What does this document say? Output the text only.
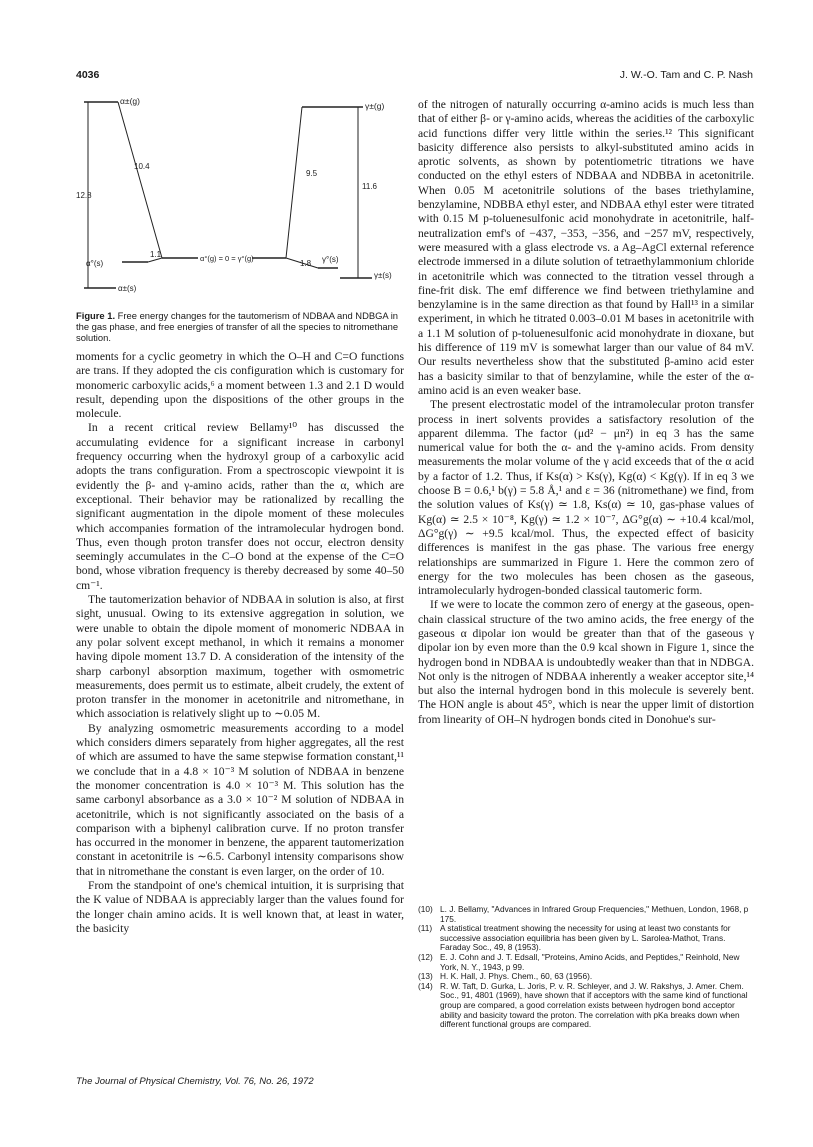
4036	J. W.-O. Tam and C. P. Nash
α±(g)	γ±(g)
α°(s)
α±(s)
γ°(s)
γ±(s)
α°(g) = 0 = γ°(g)
10.4
12.8
1.1
9.5
11.6
1.8
Figure 1. Free energy changes for the tautomerism of NDBAA and NDBGA in the gas phase, and free energies of transfer of all the species to nitromethane solution.

moments for a cyclic geometry in which the O–H and C=O functions are trans. If they adopted the cis configuration which is customary for monomeric carboxylic acids,⁶ a moment between 1.3 and 2.1 D would result, depending upon the dispositions of the other groups in the molecule.

In a recent critical review Bellamy¹⁰ has discussed the accumulating evidence for a significant increase in carbonyl frequency occurring when the hydroxyl group of a carboxylic acid adopts the trans configuration. From a spectroscopic viewpoint it is evidently the β- and γ-amino acids, rather than the α, which are exceptional. Their behavior may be rationalized by recalling the significant augmentation in the dipole moment of these molecules which accompanies formation of the intramolecular hydrogen bond. Thus, even though proton transfer does not occur, electron density seemingly accumulates in the C–O bond at the expense of the C=O bond, whose vibration frequency is thereby decreased by some 40–50 cm⁻¹.

The tautomerization behavior of NDBAA in solution is also, at first sight, unusual. Owing to its extensive aggregation in solution, we were unable to obtain the dipole moment of monomeric NDBAA in any polar solvent except methanol, in which it remains a monomer having dipole moment 13.7 D. A consideration of the intensity of the sharp carbonyl absorption maximum, together with osmometric measurements, does permit us to estimate, albeit crudely, the extent of proton transfer in the monomer in acetonitrile and nitromethane, in which association is relatively slight up to ∼0.05 M.

By analyzing osmometric measurements according to a model which considers dimers separately from higher aggregates, all the rest of which are assumed to have the same stepwise formation constant,¹¹ we conclude that in a 4.8 × 10⁻³ M solution of NDBAA in benzene the monomer concentration is 4.0 × 10⁻³ M. This solution has the same carbonyl absorbance as a 3.0 × 10⁻² M solution of NDBAA in acetonitrile, which is not significantly associated on the basis of a comparison with a biphenyl calibration curve. If no proton transfer has occurred in the monomer in benzene, the apparent tautomerization constant in acetonitrile is ∼6.5. Carbonyl intensity comparisons show that in nitromethane the constant is even larger, on the order of 10.

From the standpoint of one's chemical intuition, it is surprising that the K value of NDBAA is appreciably larger than the values found for the longer chain amino acids. It is well known that, at least in water, the basicity

of the nitrogen of naturally occurring α-amino acids is much less than that of either β- or γ-amino acids, whereas the acidities of the carboxylic acid functions differ very little within the series.¹² This significant basicity difference also persists to alkyl-substituted amino acids in aprotic solvents, as shown by potentiometric titrations we have conducted on the ethyl esters of NDBAA and NDBBA in acetonitrile. When 0.05 M acetonitrile solutions of the bases triethylamine, benzylamine, NDBBA ethyl ester, and NDBAA ethyl ester were titrated with 0.15 M p-toluenesulfonic acid monohydrate in acetonitrile, half-neutralization emf's of −437, −353, −356, and −257 mV, respectively, were measured with a glass electrode vs. a Ag–AgCl external reference electrode immersed in a dilute solution of tetraethylammonium chloride in acetonitrile which was connected to the titration vessel through a fine-frit disk. The emf difference we find between triethylamine and benzylamine is in the same direction as that found by Hall¹³ in a similar experiment, in which he titrated 0.003–0.01 M bases in acetonitrile with a 1.1 M solution of p-toluenesulfonic acid monohydrate in dioxane, but his difference of 119 mV is somewhat larger than our value of 84 mV. Our results nevertheless show that the substituted β-amino acid ester has a basicity similar to that of benzylamine, while the ester of the α-amino acid is an even weaker base.

The present electrostatic model of the intramolecular proton transfer process in inert solvents provides a satisfactory resolution of the apparent dilemma. The factor (μd² − μn²) in eq 3 has the same numerical value for both the α- and the γ-amino acids. From density measurements the molar volume of the γ acid exceeds that of the α acid by a factor of 1.2. Thus, if Ks(α) > Ks(γ), Kg(α) < Kg(γ). If in eq 3 we choose B = 0.6,¹ b(γ) = 5.8 Å,¹ and ε = 36 (nitromethane) we find, from the solution values of Ks(γ) ≃ 1.8, Ks(α) ≃ 10, gas-phase values of Kg(α) ≃ 2.5 × 10⁻⁸, Kg(γ) ≃ 1.2 × 10⁻⁷, ΔG°g(α) ∼ +10.4 kcal/mol, ΔG°g(γ) ∼ +9.5 kcal/mol. Thus, the expected effect of basicity differences is manifest in the gas phase. The various free energy relationships are summarized in Figure 1. Here the common zero of energy for the two molecules has been chosen as the gaseous, intramolecularly hydrogen-bonded classical tautomeric form.

If we were to locate the common zero of energy at the gaseous, open-chain classical structure of the two amino acids, the free energy of the gaseous α dipolar ion would be greater than that of the gaseous γ dipolar ion by even more than the 0.9 kcal shown in Figure 1, since the hydrogen bond in NDBAA is undoubtedly weaker than that in NDBGA. Not only is the nitrogen of NDBAA inherently a weaker acceptor site,¹⁴ but also the internal hydrogen bond in this molecule is severely bent. The HON angle is about 45°, which is near the upper limit of distortion from linearity of OH–N hydrogen bonds cited in Donohue's sur-

(10) L. J. Bellamy, "Advances in Infrared Group Frequencies," Methuen, London, 1968, p 175.
(11) A statistical treatment showing the necessity for using at least two constants for successive association equilibria has been given by L. Sarolea-Mathot, Trans. Faraday Soc., 49, 8 (1953).
(12) E. J. Cohn and J. T. Edsall, "Proteins, Amino Acids, and Peptides," Reinhold, New York, N. Y., 1943, p 99.
(13) H. K. Hall, J. Phys. Chem., 60, 63 (1956).
(14) R. W. Taft, D. Gurka, L. Joris, P. v. R. Schleyer, and J. W. Rakshys, J. Amer. Chem. Soc., 91, 4801 (1969), have shown that if acceptors with the same kind of functional group are compared, a good correlation exists between hydrogen bond acceptor ability and basicity toward the proton. The correlation with pKa breaks down when different functional groups are compared.
The Journal of Physical Chemistry, Vol. 76, No. 26, 1972
